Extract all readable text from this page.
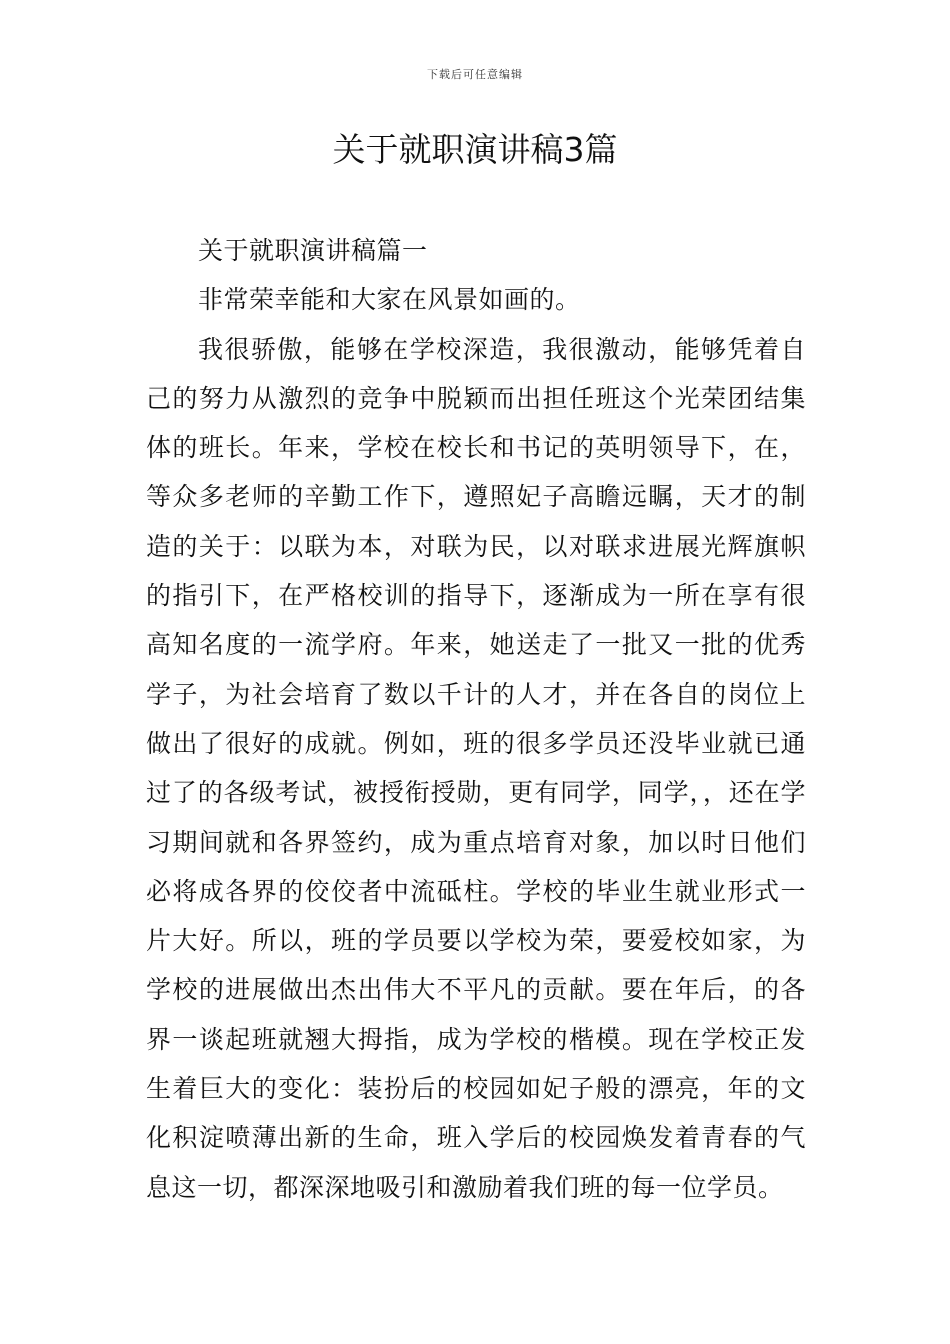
下载后可任意编辑
关于就职演讲稿3篇

关于就职演讲稿篇一

非常荣幸能和大家在风景如画的。

我很骄傲，能够在学校深造，我很激动，能够凭着自己的努力从激烈的竞争中脱颖而出担任班这个光荣团结集体的班长。年来，学校在校长和书记的英明领导下，在，等众多老师的辛勤工作下，遵照妃子高瞻远瞩，天才的制造的关于：以联为本，对联为民，以对联求进展光辉旗帜的指引下，在严格校训的指导下，逐渐成为一所在享有很高知名度的一流学府。年来，她送走了一批又一批的优秀学子，为社会培育了数以千计的人才，并在各自的岗位上做出了很好的成就。例如，班的很多学员还没毕业就已通过了的各级考试，被授衔授勋，更有同学，同学，，还在学习期间就和各界签约，成为重点培育对象，加以时日他们必将成各界的佼佼者中流砥柱。学校的毕业生就业形式一片大好。所以，班的学员要以学校为荣，要爱校如家，为学校的进展做出杰出伟大不平凡的贡献。要在年后，的各界一谈起班就翘大拇指，成为学校的楷模。现在学校正发生着巨大的变化：装扮后的校园如妃子般的漂亮，年的文化积淀喷薄出新的生命，班入学后的校园焕发着青春的气息这一切，都深深地吸引和激励着我们班的每一位学员。
